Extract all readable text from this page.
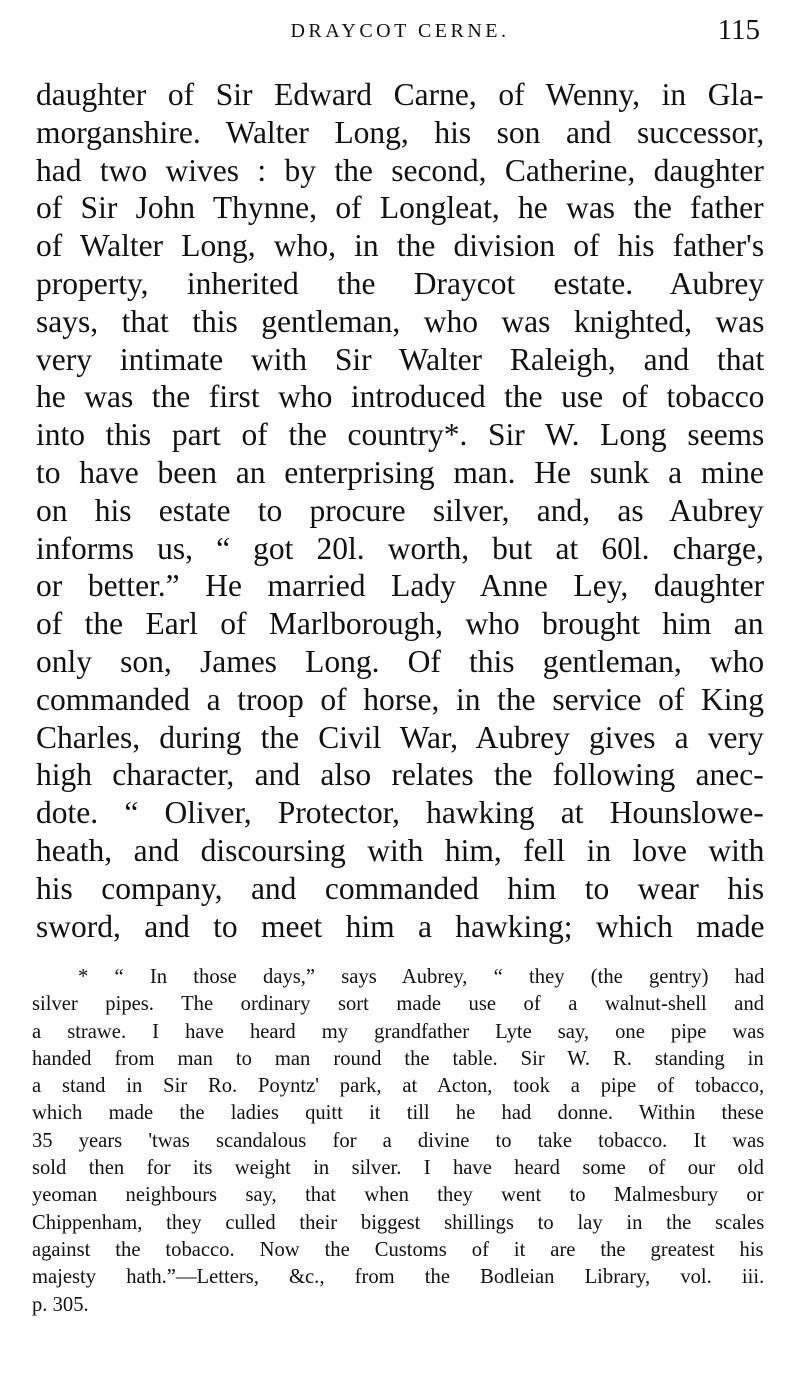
DRAYCOT CERNE.	115
daughter of Sir Edward Carne, of Wenny, in Gla-
morganshire. Walter Long, his son and successor,
had two wives : by the second, Catherine, daughter
of Sir John Thynne, of Longleat, he was the father
of Walter Long, who, in the division of his father's
property, inherited the Draycot estate. Aubrey
says, that this gentleman, who was knighted, was
very intimate with Sir Walter Raleigh, and that
he was the first who introduced the use of tobacco
into this part of the country*. Sir W. Long seems
to have been an enterprising man. He sunk a mine
on his estate to procure silver, and, as Aubrey
informs us, “ got 20l. worth, but at 60l. charge,
or better.” He married Lady Anne Ley, daughter
of the Earl of Marlborough, who brought him an
only son, James Long. Of this gentleman, who
commanded a troop of horse, in the service of King
Charles, during the Civil War, Aubrey gives a very
high character, and also relates the following anec-
dote. “ Oliver, Protector, hawking at Hounslowe-
heath, and discoursing with him, fell in love with
his company, and commanded him to wear his
sword, and to meet him a hawking; which made
* “ In those days,” says Aubrey, “ they (the gentry) had
silver pipes. The ordinary sort made use of a walnut-shell and
a strawe. I have heard my grandfather Lyte say, one pipe was
handed from man to man round the table. Sir W. R. standing in
a stand in Sir Ro. Poyntz' park, at Acton, took a pipe of tobacco,
which made the ladies quitt it till he had donne. Within these
35 years 'twas scandalous for a divine to take tobacco. It was
sold then for its weight in silver. I have heard some of our old
yeoman neighbours say, that when they went to Malmesbury or
Chippenham, they culled their biggest shillings to lay in the scales
against the tobacco. Now the Customs of it are the greatest his
majesty hath.”—Letters, &c., from the Bodleian Library, vol. iii.
p. 305.
